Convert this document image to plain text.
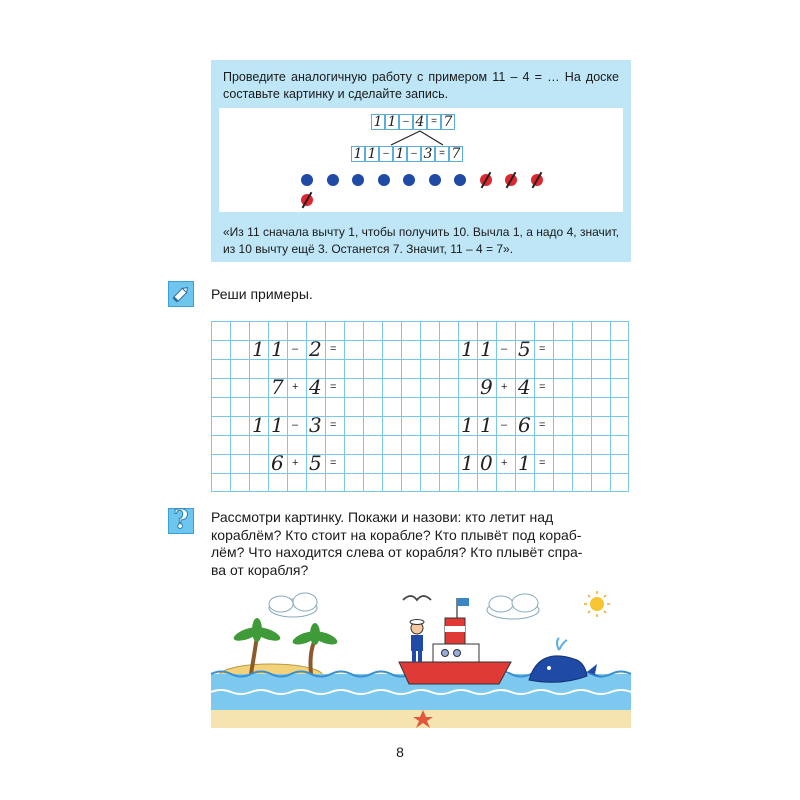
Проведите аналогичную работу с примером 11 – 4 = … На доске составьте картинку и сделайте запись.
1 1 – 4 = 7
1 1 – 1 – 3 = 7
«Из 11 сначала вычту 1, чтобы получить 10. Вычла 1, а надо 4, значит, из 10 вычту ещё 3. Останется 7. Значит, 11 – 4 = 7».
Реши примеры.
1 1 – 2 =	1 1 – 5 =
7 + 4 =	9 + 4 =
1 1 – 3 =	1 1 – 6 =
6 + 5 =	1 0 + 1 =
?	Рассмотри картинку. Покажи и назови: кто летит над
кораблём? Кто стоит на корабле? Кто плывёт под кораб-
лём? Что находится слева от корабля? Кто плывёт спра-
ва от корабля?
8
